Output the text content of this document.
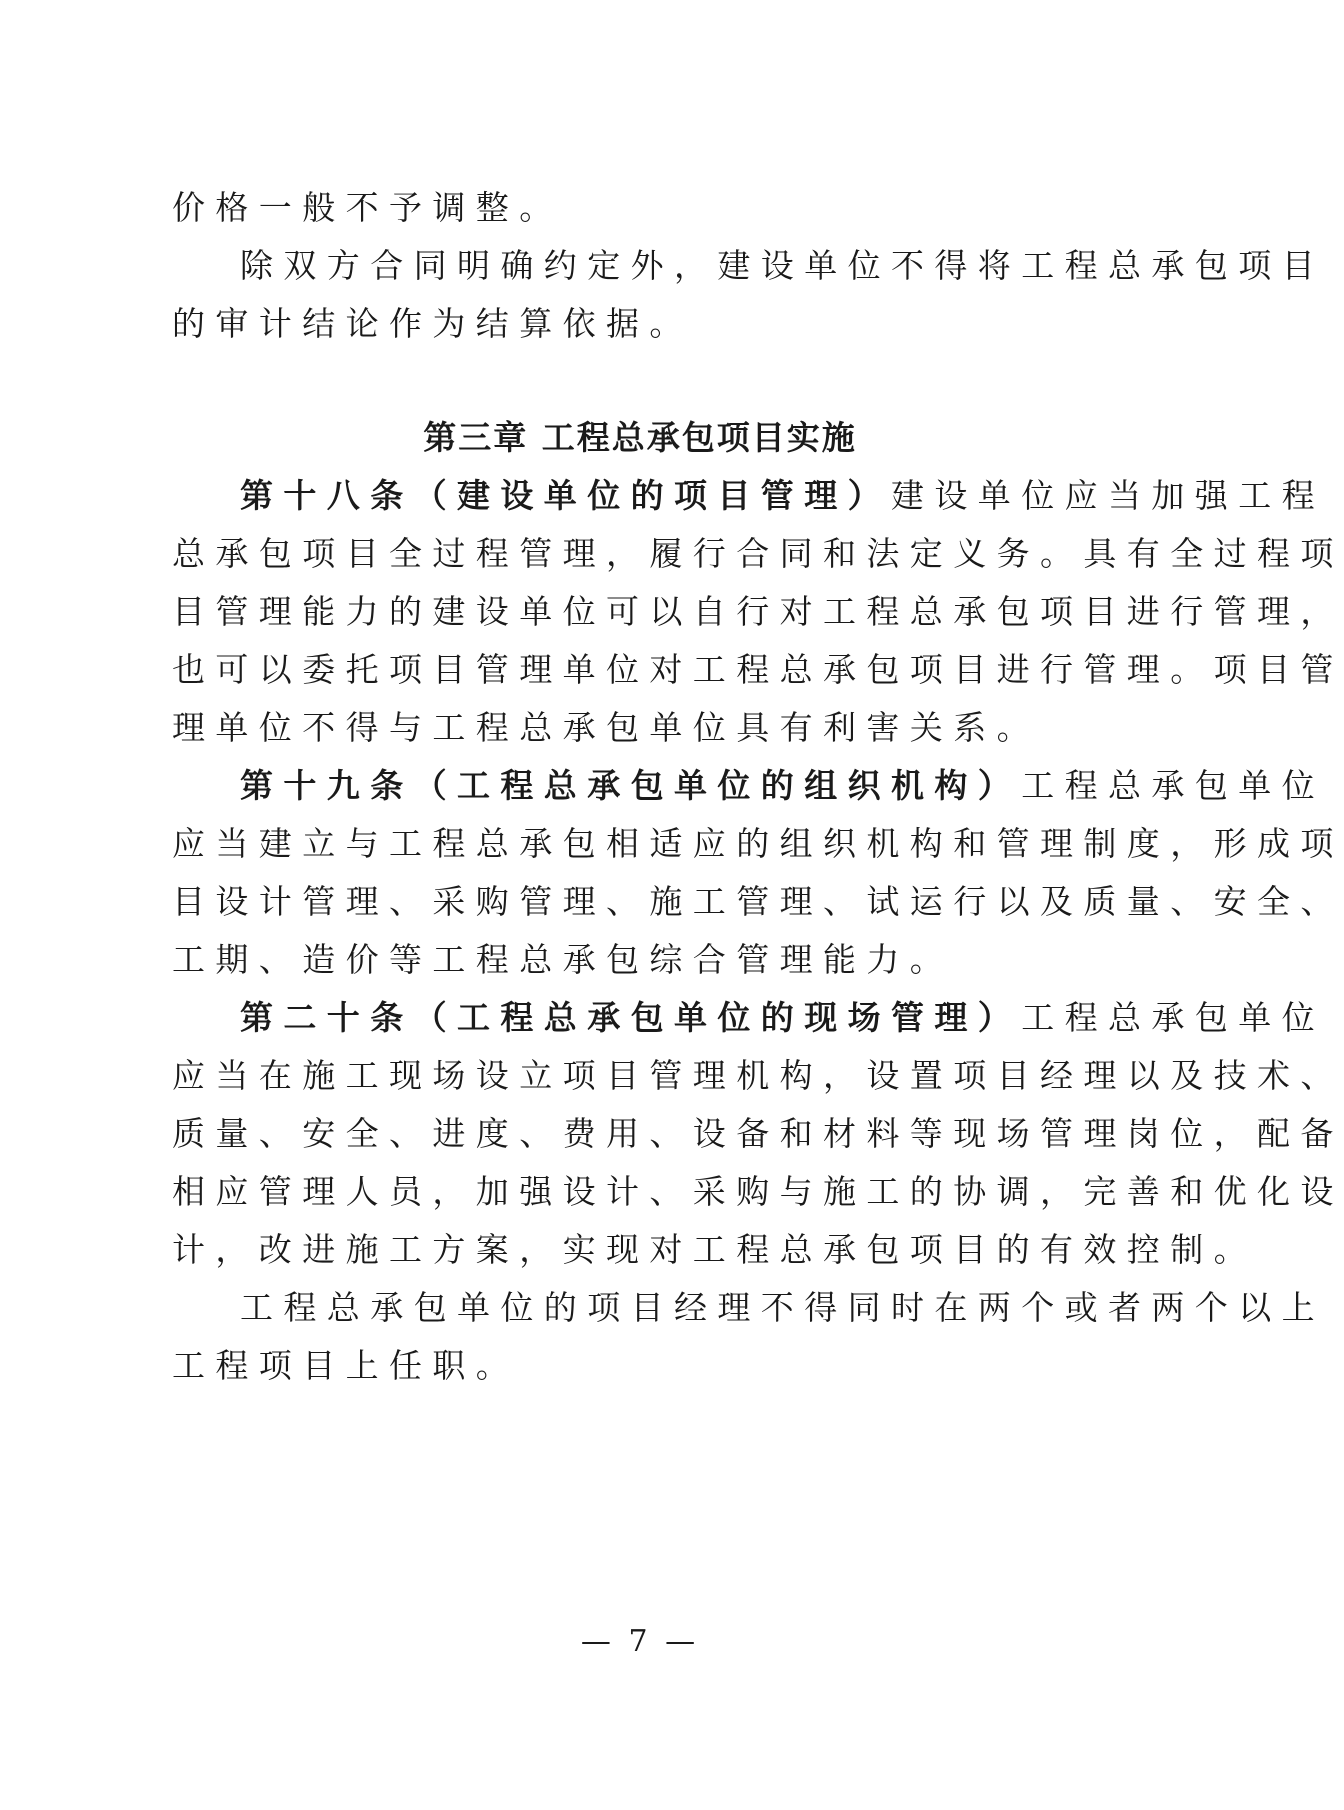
价格一般不予调整。
除双方合同明确约定外，建设单位不得将工程总承包项目
的审计结论作为结算依据。
第三章 工程总承包项目实施
第十八条（建设单位的项目管理）建设单位应当加强工程
总承包项目全过程管理，履行合同和法定义务。具有全过程项
目管理能力的建设单位可以自行对工程总承包项目进行管理，
也可以委托项目管理单位对工程总承包项目进行管理。项目管
理单位不得与工程总承包单位具有利害关系。
第十九条（工程总承包单位的组织机构）工程总承包单位
应当建立与工程总承包相适应的组织机构和管理制度，形成项
目设计管理、采购管理、施工管理、试运行以及质量、安全、
工期、造价等工程总承包综合管理能力。
第二十条（工程总承包单位的现场管理）工程总承包单位
应当在施工现场设立项目管理机构，设置项目经理以及技术、
质量、安全、进度、费用、设备和材料等现场管理岗位，配备
相应管理人员，加强设计、采购与施工的协调，完善和优化设
计，改进施工方案，实现对工程总承包项目的有效控制。
工程总承包单位的项目经理不得同时在两个或者两个以上
工程项目上任职。
— 7 —
